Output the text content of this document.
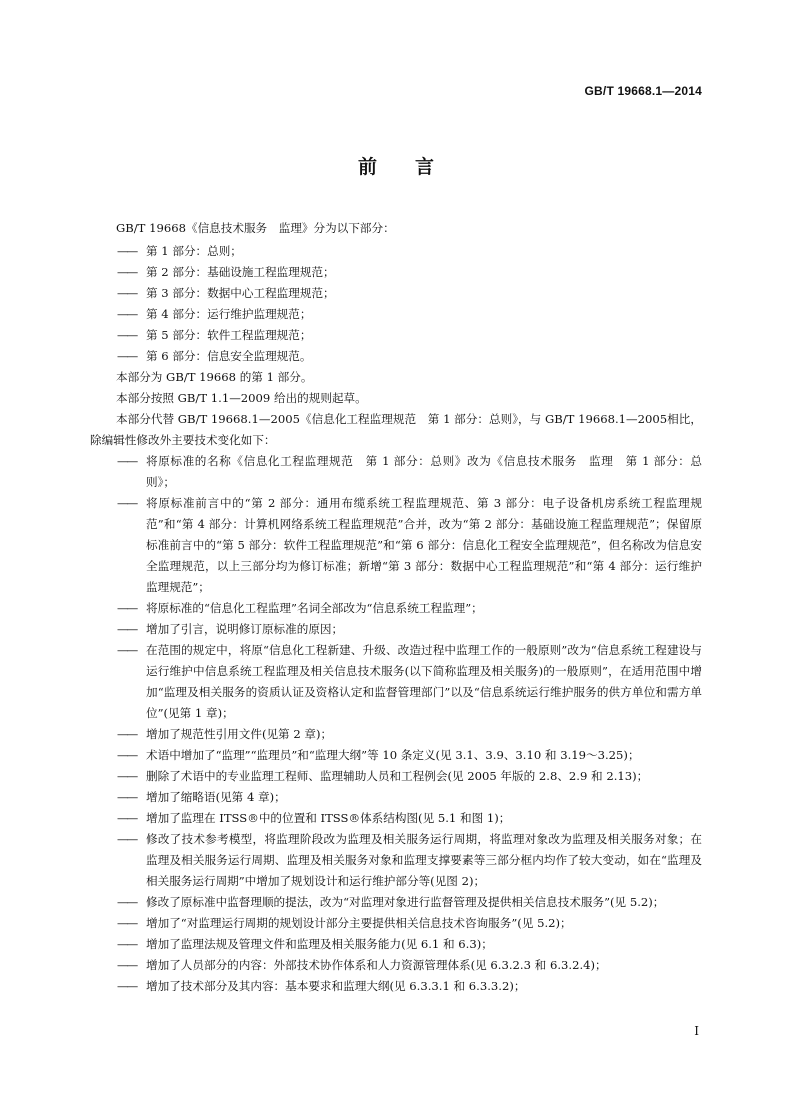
GB/T 19668.1—2014
前言

GB/T 19668《信息技术服务　监理》分为以下部分：

—— 第 1 部分：总则；

—— 第 2 部分：基础设施工程监理规范；

—— 第 3 部分：数据中心工程监理规范；

—— 第 4 部分：运行维护监理规范；

—— 第 5 部分：软件工程监理规范；

—— 第 6 部分：信息安全监理规范。

本部分为 GB/T 19668 的第 1 部分。

本部分按照 GB/T 1.1—2009 给出的规则起草。

本部分代替 GB/T 19668.1—2005《信息化工程监理规范　第 1 部分：总则》，与 GB/T 19668.1—2005相比，除编辑性修改外主要技术变化如下：

—— 将原标准的名称《信息化工程监理规范　第 1 部分：总则》改为《信息技术服务　监理　第 1 部分：总则》；

—— 将原标准前言中的“第 2 部分：通用布缆系统工程监理规范、第 3 部分：电子设备机房系统工程监理规范”和“第 4 部分：计算机网络系统工程监理规范”合并，改为“第 2 部分：基础设施工程监理规范”；保留原标准前言中的“第 5 部分：软件工程监理规范”和“第 6 部分：信息化工程安全监理规范”，但名称改为信息安全监理规范，以上三部分均为修订标准；新增“第 3 部分：数据中心工程监理规范”和“第 4 部分：运行维护监理规范”；

—— 将原标准的“信息化工程监理”名词全部改为“信息系统工程监理”；

—— 增加了引言，说明修订原标准的原因；

—— 在范围的规定中，将原“信息化工程新建、升级、改造过程中监理工作的一般原则”改为“信息系统工程建设与运行维护中信息系统工程监理及相关信息技术服务(以下简称监理及相关服务)的一般原则”，在适用范围中增加“监理及相关服务的资质认证及资格认定和监督管理部门”以及“信息系统运行维护服务的供方单位和需方单位”(见第 1 章)；

—— 增加了规范性引用文件(见第 2 章)；

—— 术语中增加了“监理”“监理员”和“监理大纲”等 10 条定义(见 3.1、3.9、3.10 和 3.19～3.25)；

—— 删除了术语中的专业监理工程师、监理辅助人员和工程例会(见 2005 年版的 2.8、2.9 和 2.13)；

—— 增加了缩略语(见第 4 章)；

—— 增加了监理在 ITSS®中的位置和 ITSS®体系结构图(见 5.1 和图 1)；

—— 修改了技术参考模型，将监理阶段改为监理及相关服务运行周期，将监理对象改为监理及相关服务对象；在监理及相关服务运行周期、监理及相关服务对象和监理支撑要素等三部分框内均作了较大变动，如在“监理及相关服务运行周期”中增加了规划设计和运行维护部分等(见图 2)；

—— 修改了原标准中监督理顺的提法，改为“对监理对象进行监督管理及提供相关信息技术服务”(见 5.2)；

—— 增加了“对监理运行周期的规划设计部分主要提供相关信息技术咨询服务”(见 5.2)；

—— 增加了监理法规及管理文件和监理及相关服务能力(见 6.1 和 6.3)；

—— 增加了人员部分的内容：外部技术协作体系和人力资源管理体系(见 6.3.2.3 和 6.3.2.4)；

—— 增加了技术部分及其内容：基本要求和监理大纲(见 6.3.3.1 和 6.3.3.2)；

I
